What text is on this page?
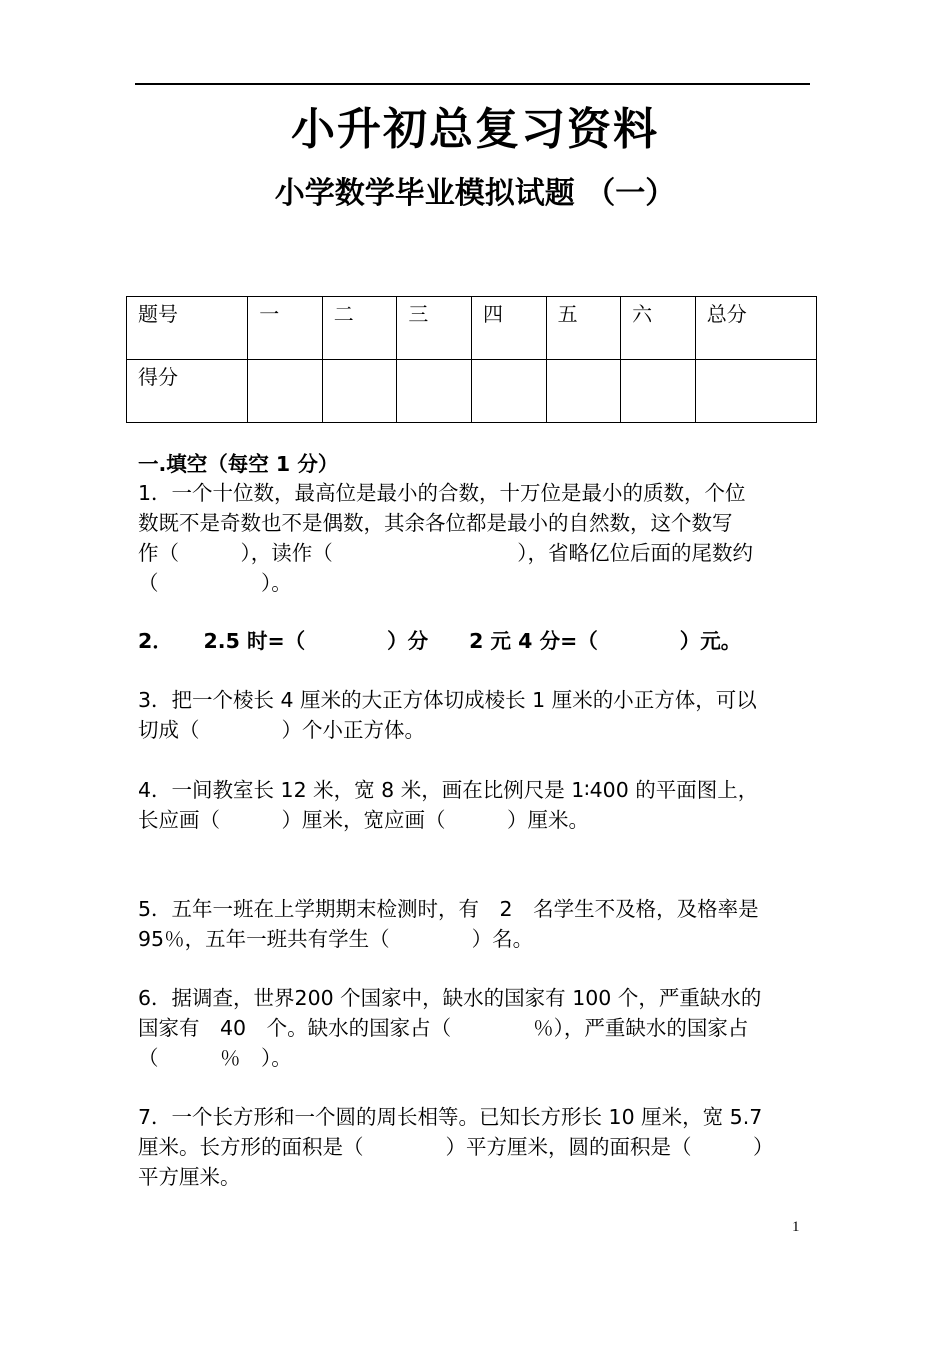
小升初总复习资料
小学数学毕业模拟试题 （一）
题号	一	二	三	四	五	六	总分
得分							
一.填空（每空 1 分）
1．一个十位数，最高位是最小的合数，十万位是最小的质数，个位
数既不是奇数也不是偶数，其余各位都是最小的自然数，这个数写
作（　　　），读作（　　　　　　　　　），省略亿位后面的尾数约
（　　　　　）。
2．　　2.5 时=（　　　　）分　　2 元 4 分=（　　　　）元。
3．把一个棱长 4 厘米的大正方体切成棱长 1 厘米的小正方体，可以
切成（　　　　）个小正方体。
4．一间教室长 12 米，宽 8 米，画在比例尺是 1∶400 的平面图上，
长应画（　　　）厘米，宽应画（　　　）厘米。
5．五年一班在上学期期末检测时，有　2　名学生不及格，及格率是
95％，五年一班共有学生（　　　　）名。
6．据调查，世界200 个国家中，缺水的国家有 100 个，严重缺水的
国家有　40　个。缺水的国家占（　　　　％），严重缺水的国家占
（　　　％　）。
7．一个长方形和一个圆的周长相等。已知长方形长 10 厘米，宽 5.7
厘米。长方形的面积是（　　　　）平方厘米，圆的面积是（　　　）
平方厘米。
1
